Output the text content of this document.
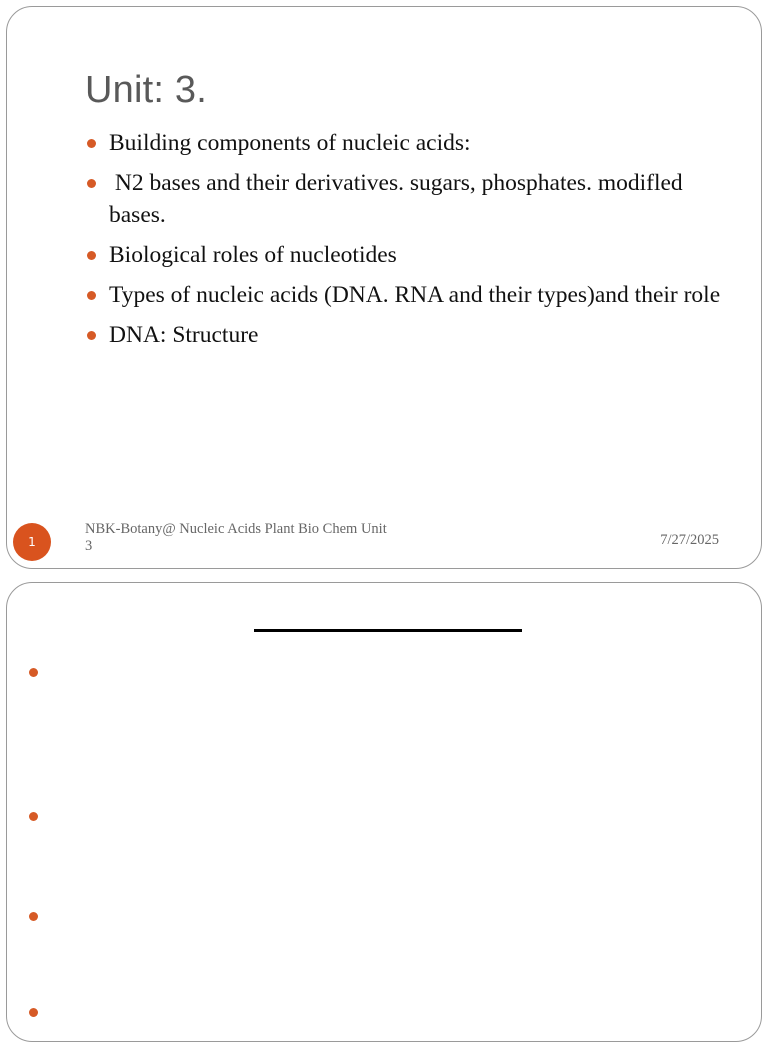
Unit: 3.
Building components of nucleic acids:
N2 bases and their derivatives. sugars, phosphates. modifled bases.
Biological roles of nucleotides
Types of nucleic acids (DNA. RNA and their types)and their role
DNA: Structure
1
NBK-Botany@ Nucleic Acids Plant Bio Chem Unit
3	7/27/2025
